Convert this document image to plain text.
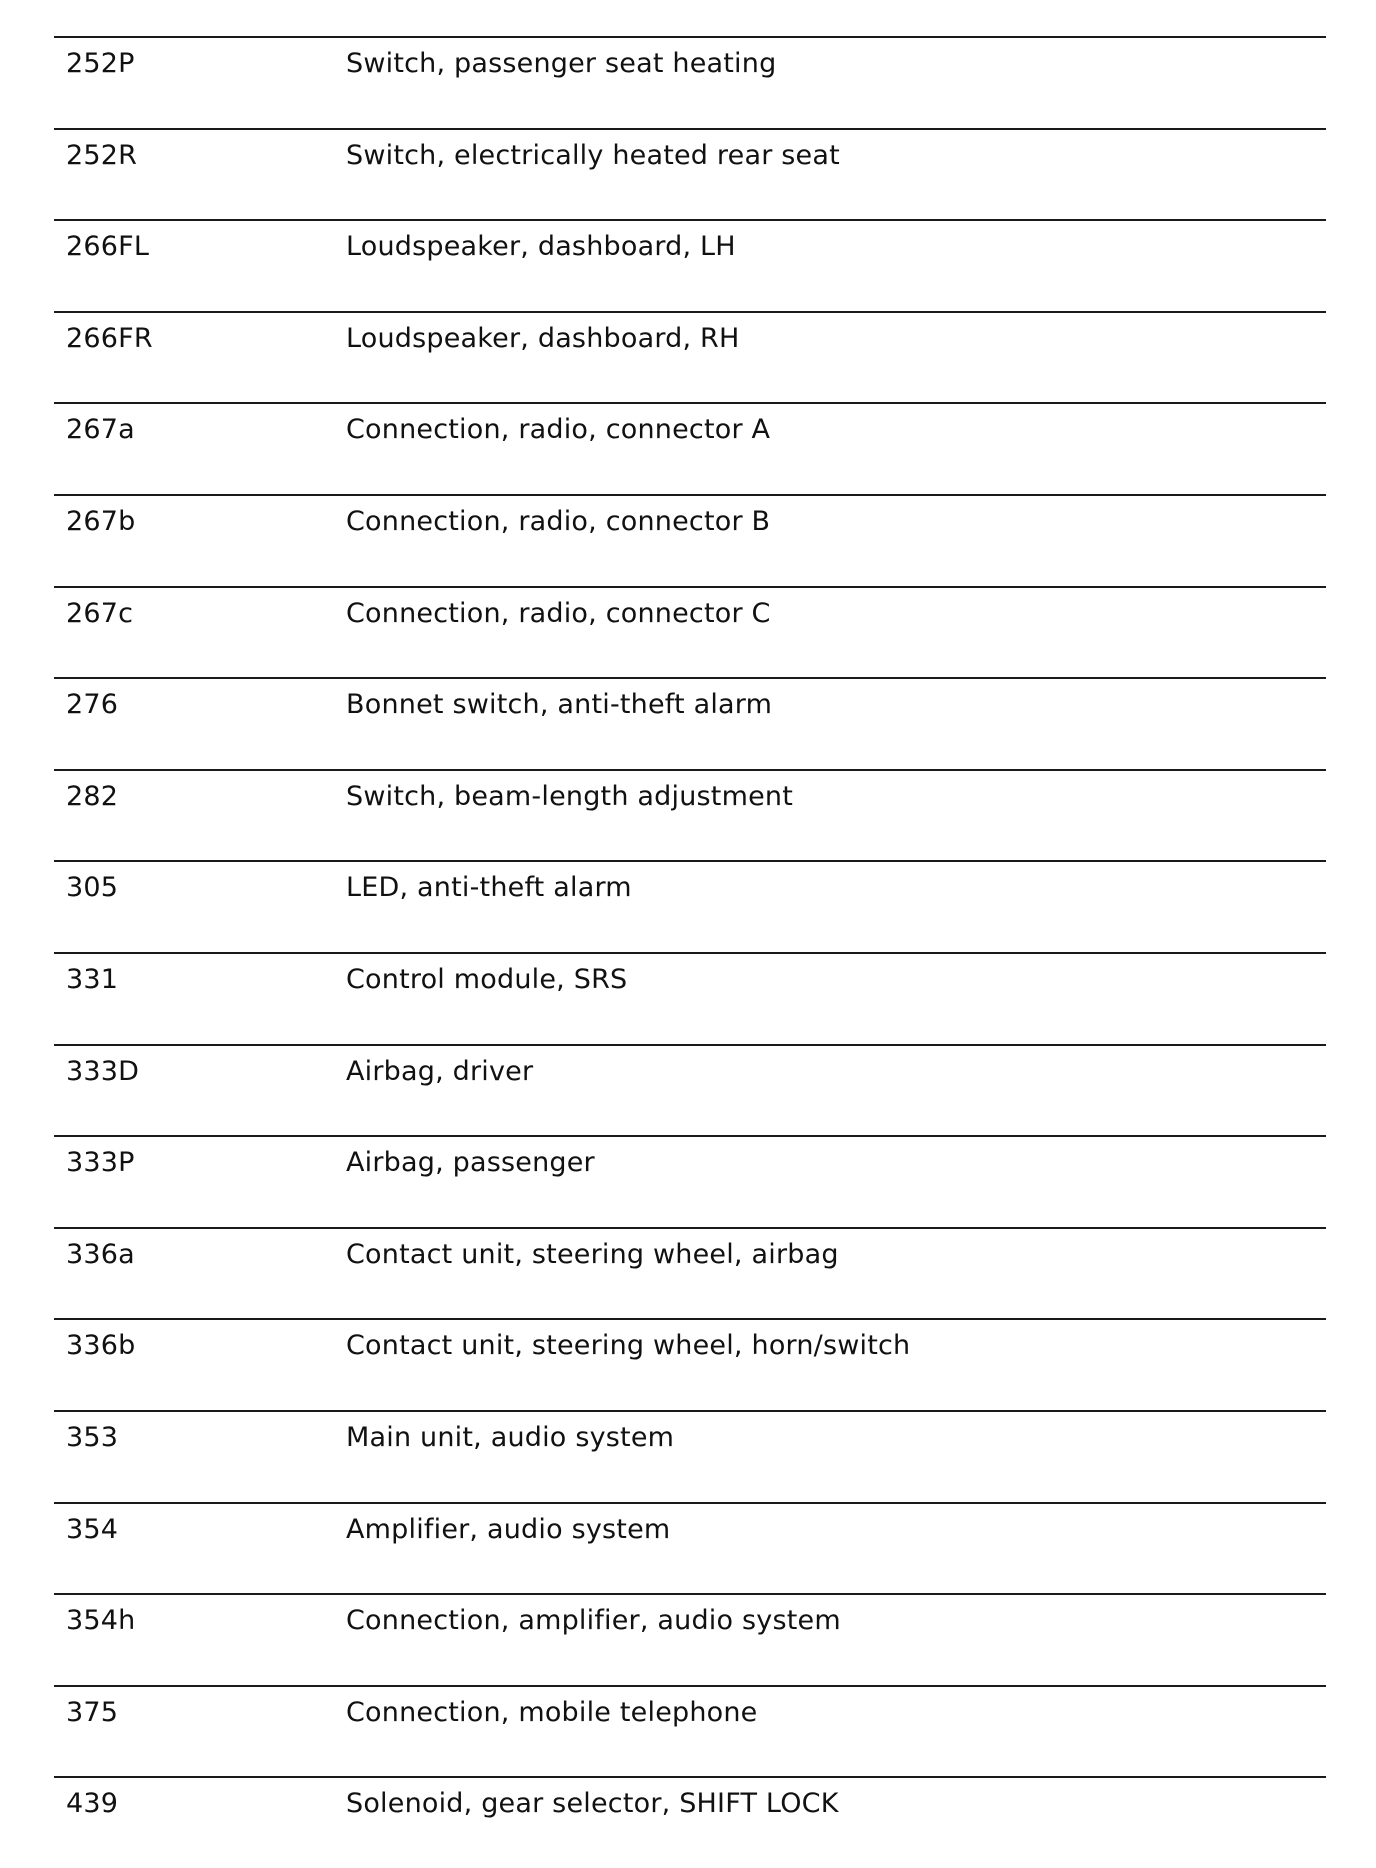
252P	Switch, passenger seat heating
252R	Switch, electrically heated rear seat
266FL	Loudspeaker, dashboard, LH
266FR	Loudspeaker, dashboard, RH
267a	Connection, radio, connector A
267b	Connection, radio, connector B
267c	Connection, radio, connector C
276	Bonnet switch, anti-theft alarm
282	Switch, beam-length adjustment
305	LED, anti-theft alarm
331	Control module, SRS
333D	Airbag, driver
333P	Airbag, passenger
336a	Contact unit, steering wheel, airbag
336b	Contact unit, steering wheel, horn/switch
353	Main unit, audio system
354	Amplifier, audio system
354h	Connection, amplifier, audio system
375	Connection, mobile telephone
439	Solenoid, gear selector, SHIFT LOCK
